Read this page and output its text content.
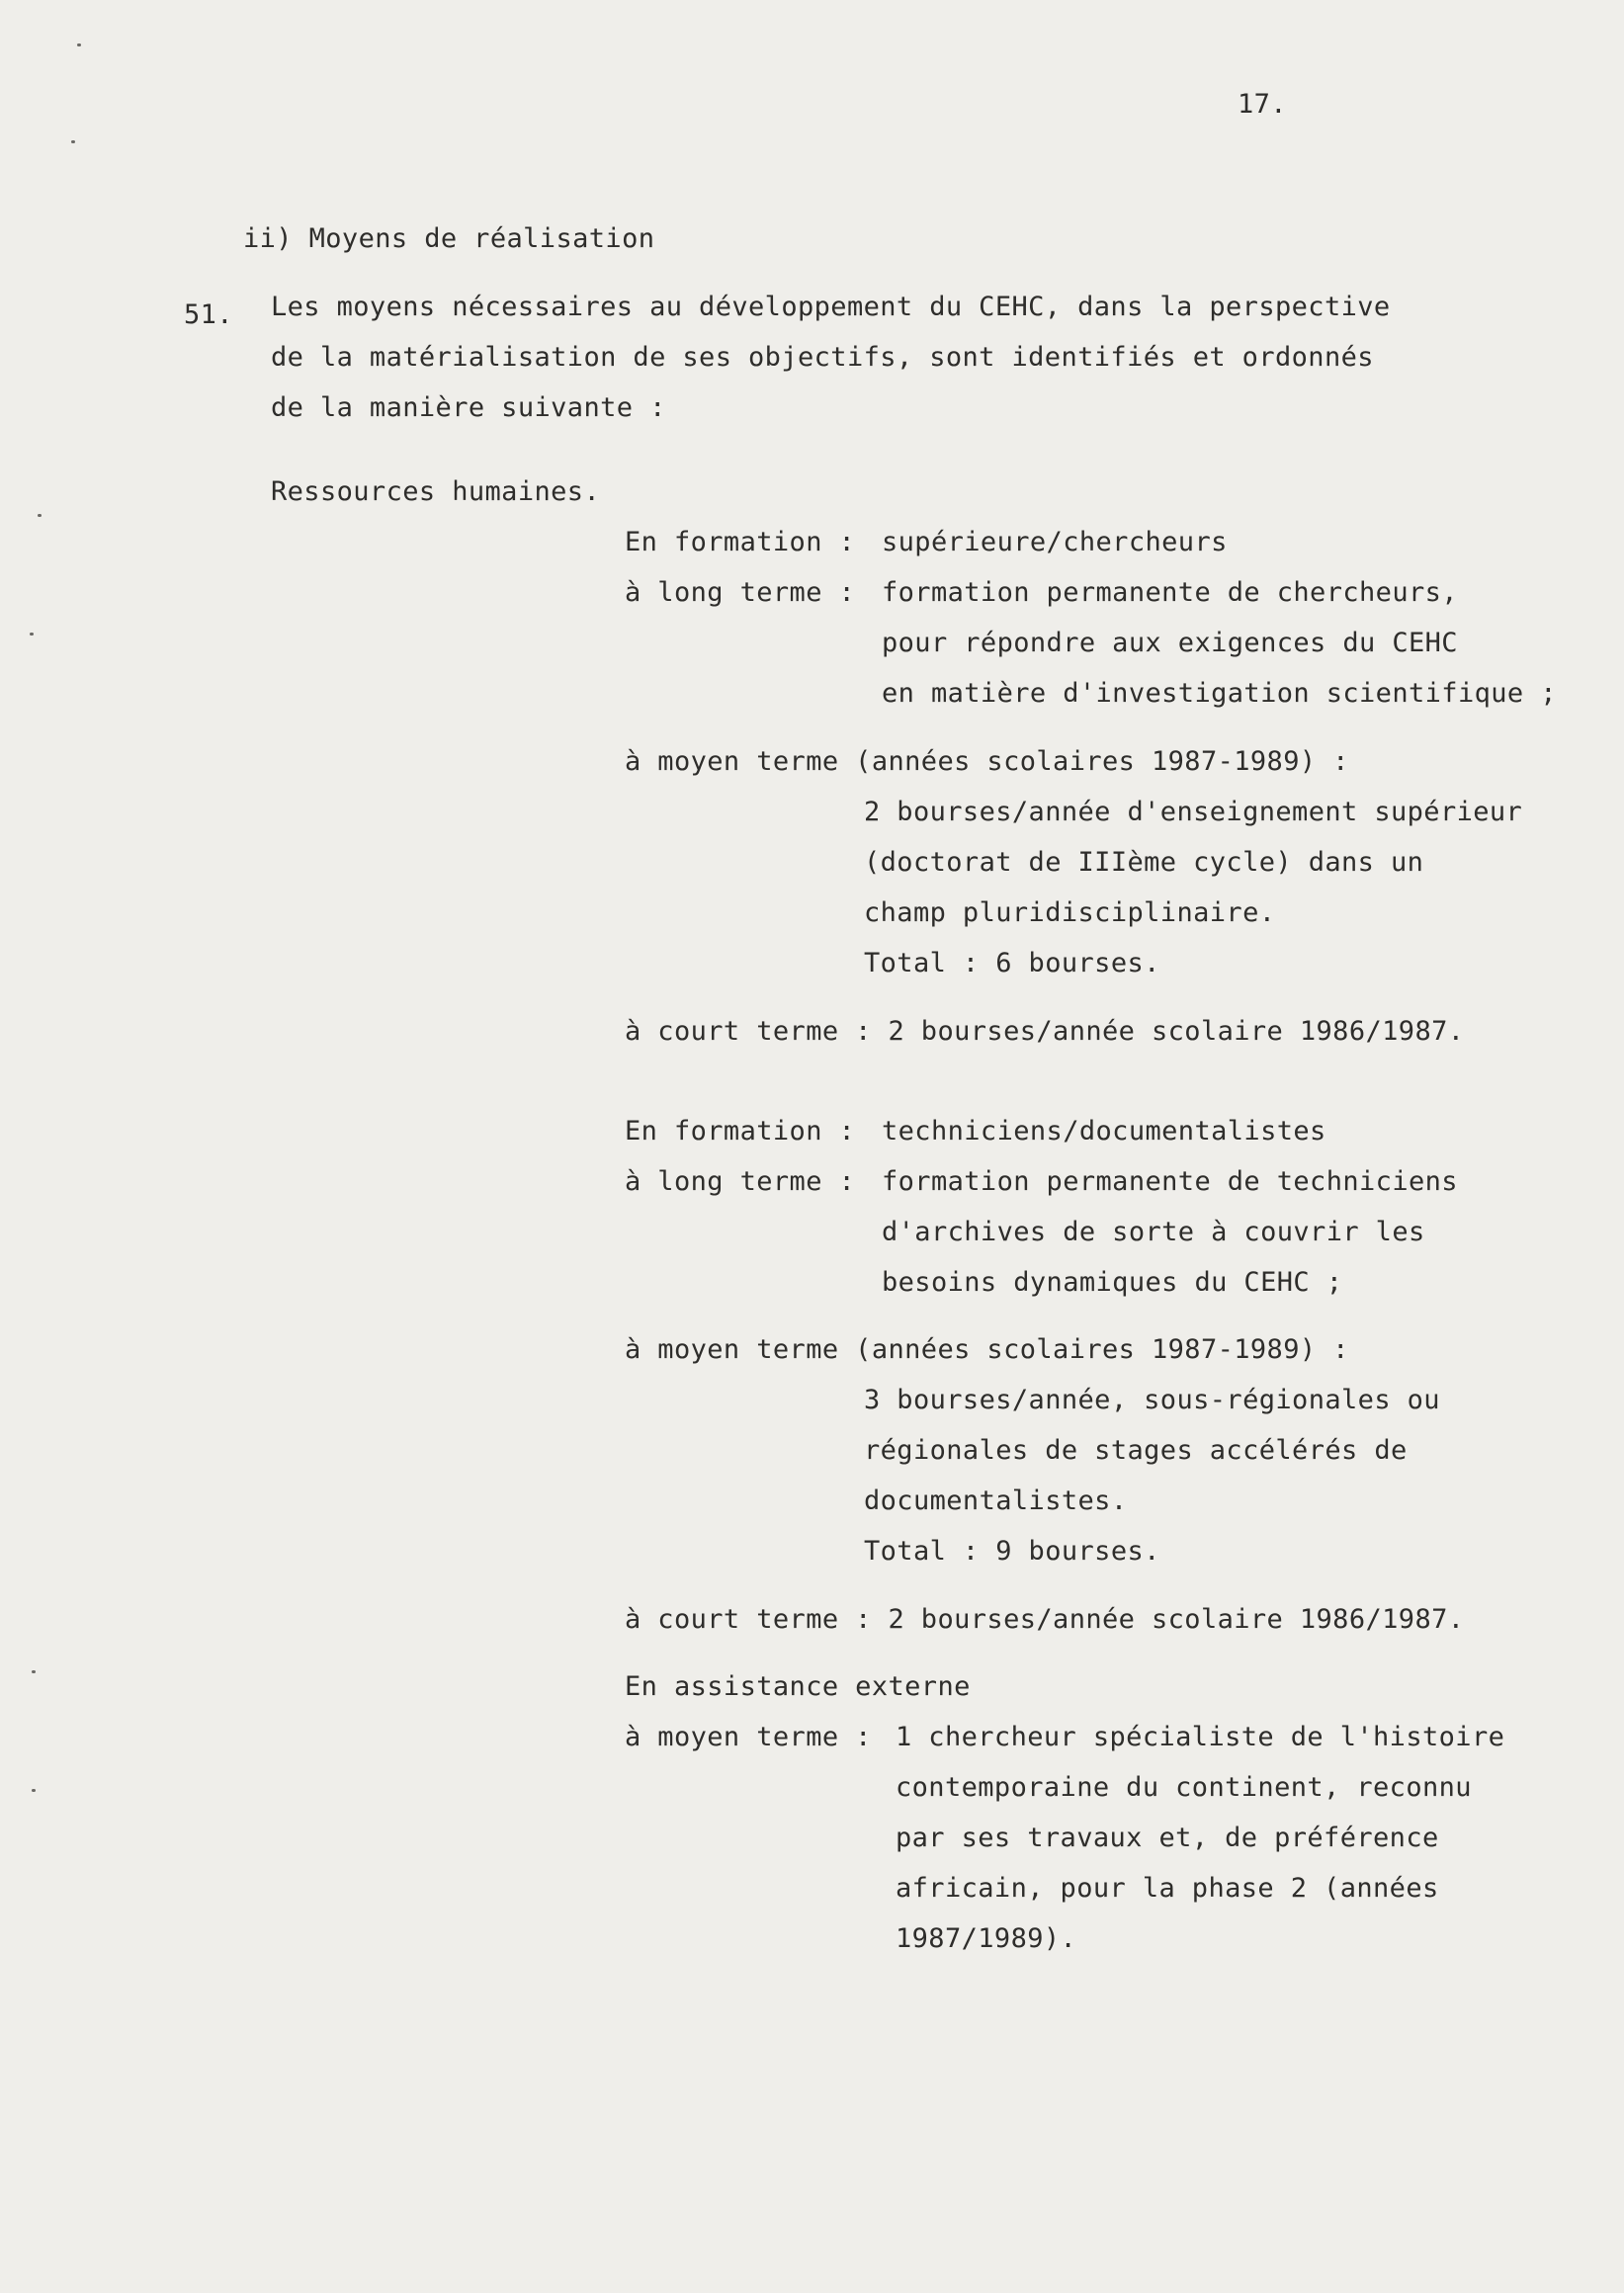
17.
ii) Moyens de réalisation
51. Les moyens nécessaires au développement du CEHC, dans la perspective
de la matérialisation de ses objectifs, sont identifiés et ordonnés
de la manière suivante :
Ressources humaines.
En formation : supérieure/chercheurs
à long terme : formation permanente de chercheurs,
pour répondre aux exigences du CEHC
en matière d'investigation scientifique ;
à moyen terme (années scolaires 1987-1989) :
2 bourses/année d'enseignement supérieur
(doctorat de IIIème cycle) dans un
champ pluridisciplinaire.
Total : 6 bourses.
à court terme : 2 bourses/année scolaire 1986/1987.
En formation : techniciens/documentalistes
à long terme : formation permanente de techniciens
d'archives de sorte à couvrir les
besoins dynamiques du CEHC ;
à moyen terme (années scolaires 1987-1989) :
3 bourses/année, sous-régionales ou
régionales de stages accélérés de
documentalistes.
Total : 9 bourses.
à court terme : 2 bourses/année scolaire 1986/1987.
En assistance externe
à moyen terme : 1 chercheur spécialiste de l'histoire
contemporaine du continent, reconnu
par ses travaux et, de préférence
africain, pour la phase 2 (années
1987/1989).
